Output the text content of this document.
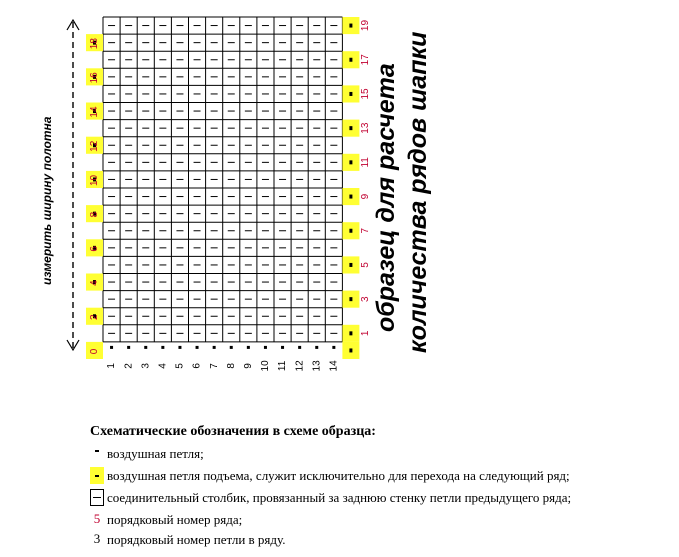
18
16
14
12
10
8
6
4
2
19
17
15
13
11
9
7
5
3
1
0
1 2 3 4 5 6 7 8 9 10 11 12 13 14
измерить ширину полотна	образец для расчета количества рядов шапки
Схематические обозначения в схеме образца:
воздушная петля;
воздушная петля подъема, служит исключительно для перехода на следующий ряд;
соединительный столбик, провязанный за заднюю стенку петли предыдущего ряда;
5 порядковый номер ряда;
3 порядковый номер петли в ряду.
